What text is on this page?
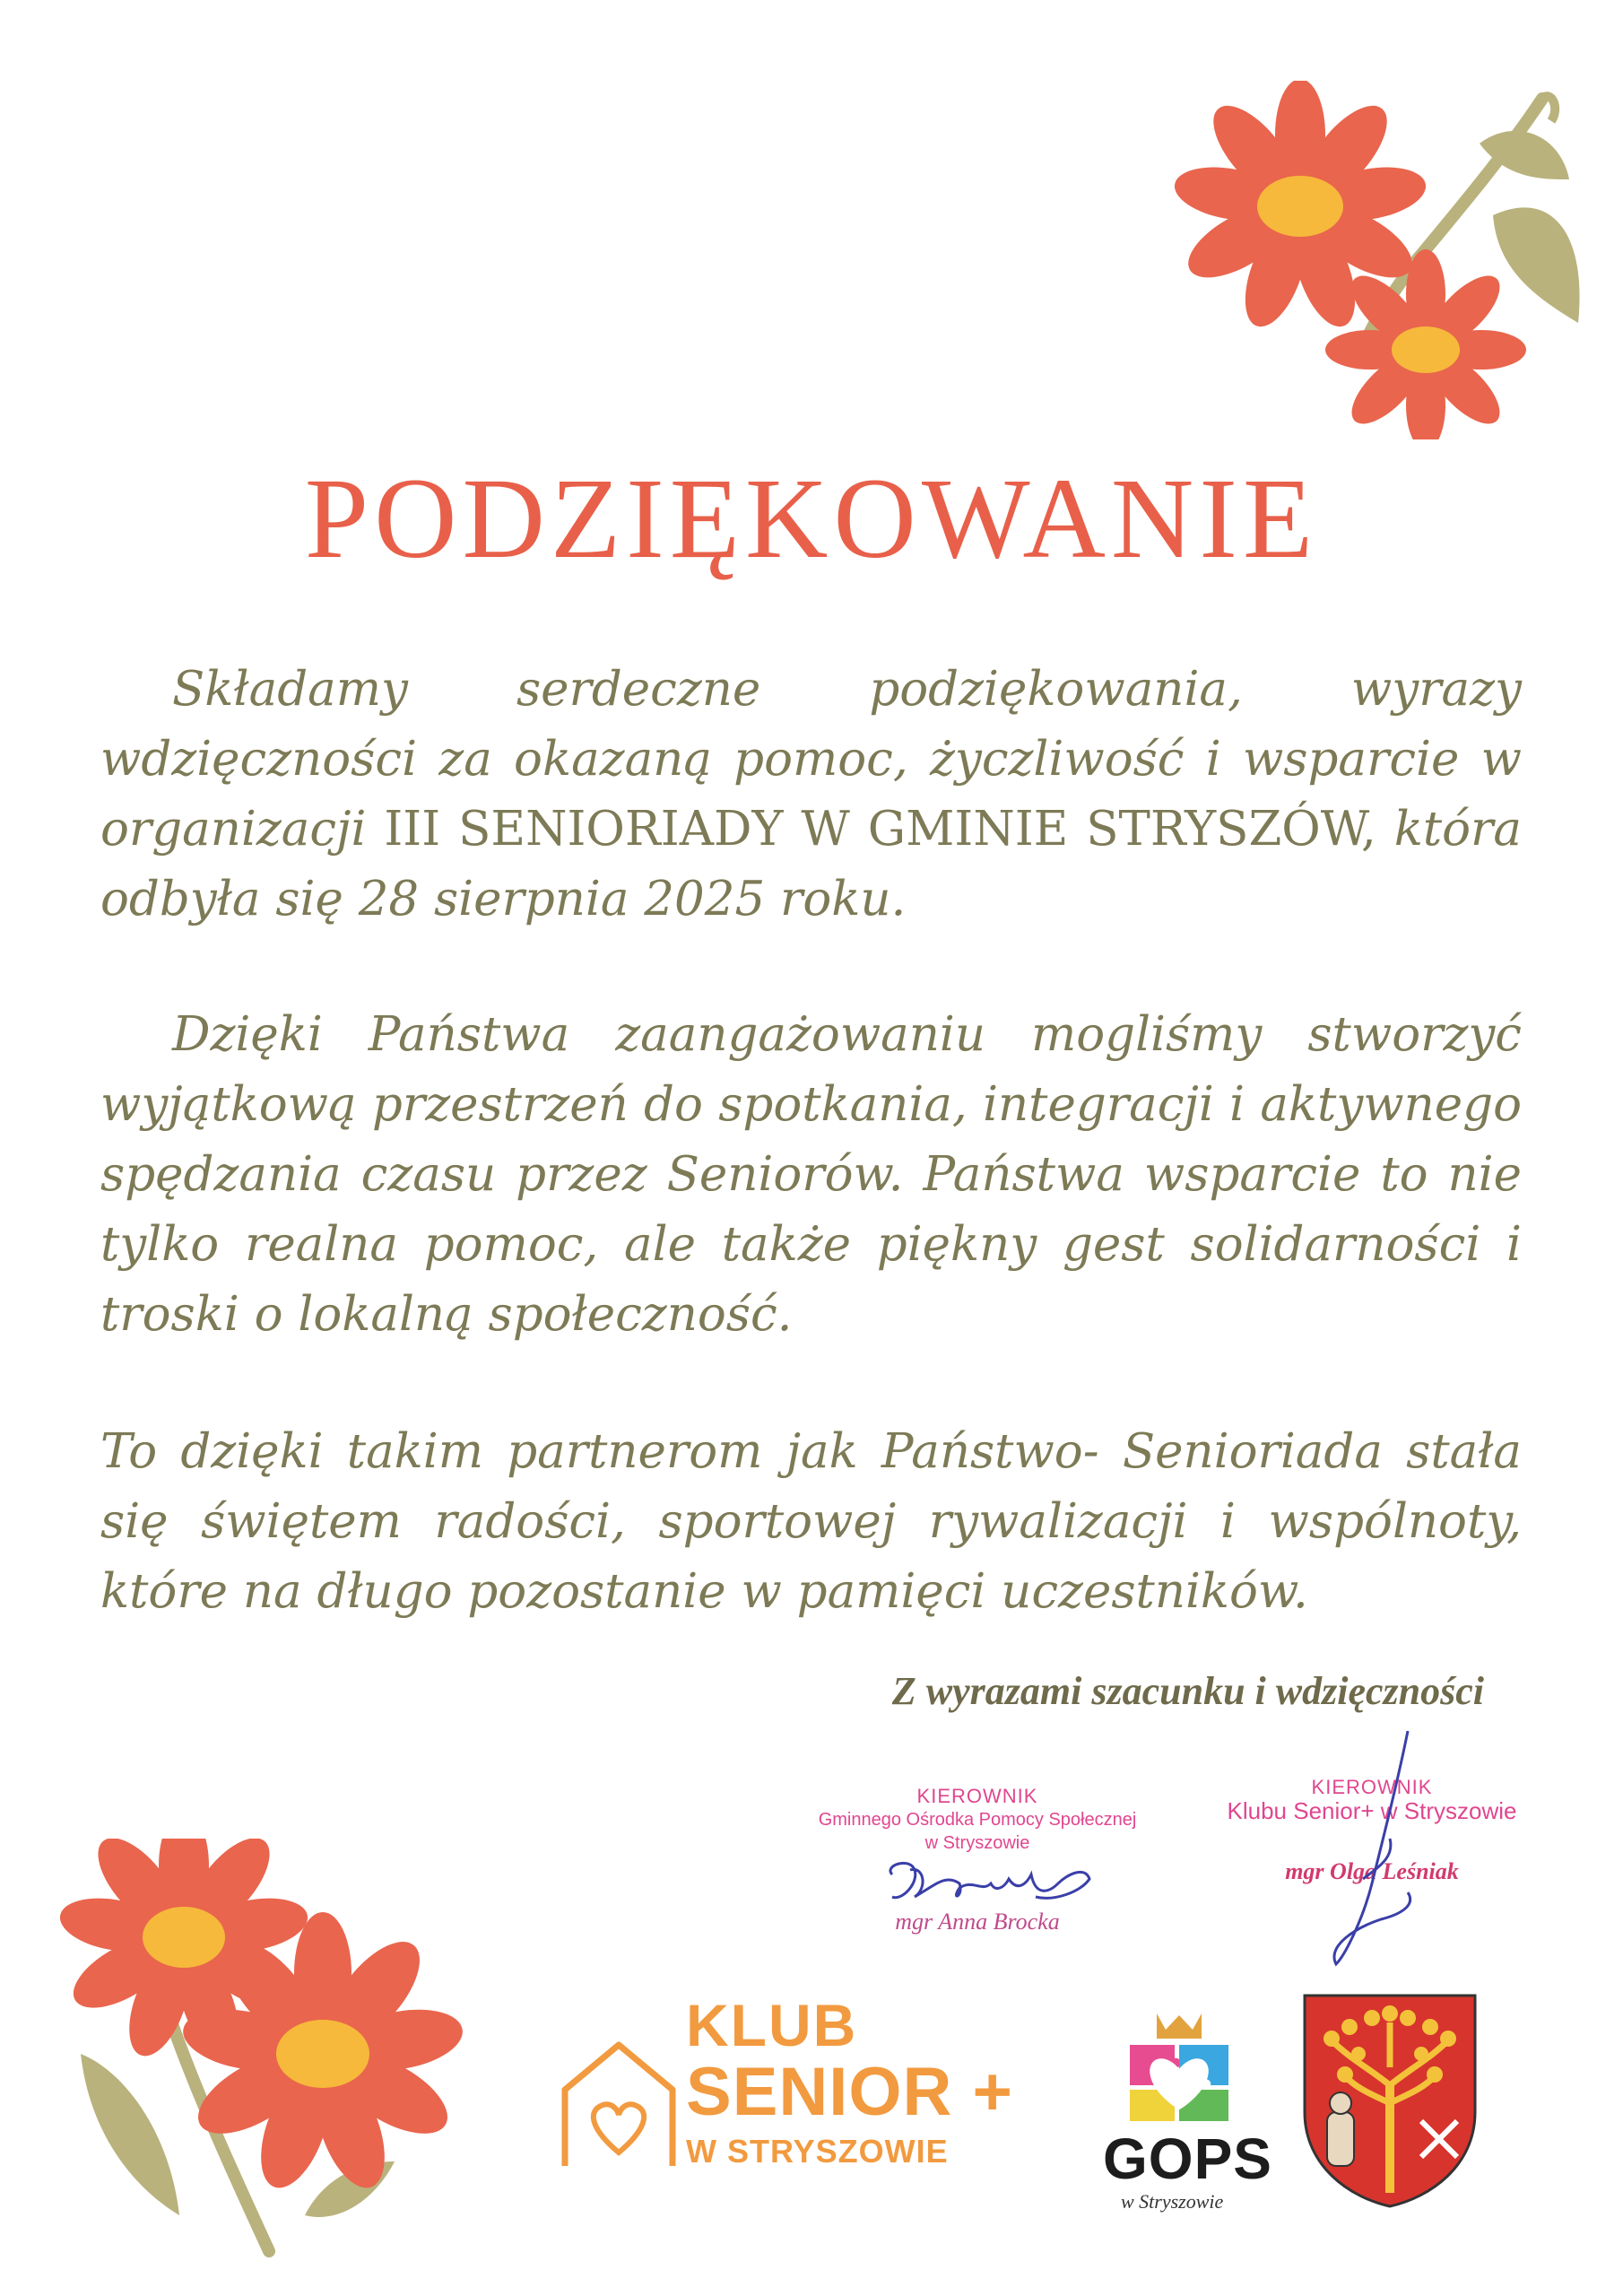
PODZIĘKOWANIE

Składamy serdeczne podziękowania, wyrazy wdzięczności za okazaną pomoc, życzliwość i wsparcie w organizacji III SENIORIADY W GMINIE STRYSZÓW, która odbyła się 28 sierpnia 2025 roku.

Dzięki Państwa zaangażowaniu mogliśmy stworzyć wyjątkową przestrzeń do spotkania, integracji i aktywnego spędzania czasu przez Seniorów. Państwa wsparcie to nie tylko realna pomoc, ale także piękny gest solidarności i troski o lokalną społeczność.

To dzięki takim partnerom jak Państwo- Senioriada stała się świętem radości, sportowej rywalizacji i wspólnoty, które na długo pozostanie w pamięci uczestników.

Z wyrazami szacunku i wdzięczności

KIEROWNIK
Gminnego Ośrodka Pomocy Społecznej
w Stryszowie
mgr Anna Brocka
KIEROWNIK
Klubu Senior+ w Stryszowie
mgr Olga Leśniak
KLUB
SENIOR +
W STRYSZOWIE	GOPS
w Stryszowie
